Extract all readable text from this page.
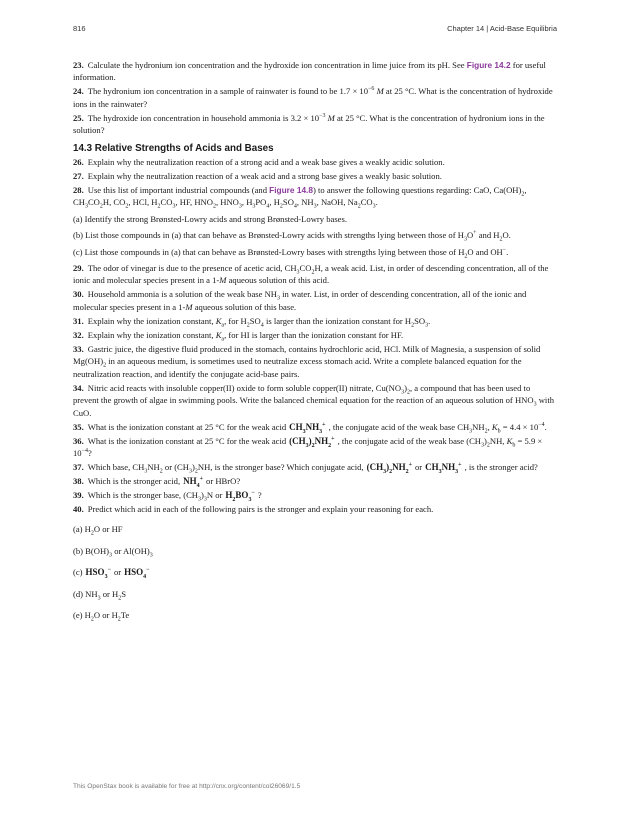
816	Chapter 14 | Acid-Base Equilibria

23. Calculate the hydronium ion concentration and the hydroxide ion concentration in lime juice from its pH. See Figure 14.2 for useful information.

24. The hydronium ion concentration in a sample of rainwater is found to be $1.7 \times 10^{-6}$ M at 25 °C. What is the concentration of hydroxide ions in the rainwater?

25. The hydroxide ion concentration in household ammonia is $3.2 \times 10^{-3}$ M at 25 °C. What is the concentration of hydronium ions in the solution?

14.3 Relative Strengths of Acids and Bases

26. Explain why the neutralization reaction of a strong acid and a weak base gives a weakly acidic solution.

27. Explain why the neutralization reaction of a weak acid and a strong base gives a weakly basic solution.

28. Use this list of important industrial compounds (and Figure 14.8) to answer the following questions regarding: CaO, $Ca(OH)_2$, $CH_3CO_2H$, $CO_2$, HCl, $H_2CO_3$, HF, $HNO_2$, $HNO_3$, $H_3PO_4$, $H_2SO_4$, $NH_3$, NaOH, $Na_2CO_3$.

(a) Identify the strong Brønsted-Lowry acids and strong Brønsted-Lowry bases.

(b) List those compounds in (a) that can behave as Brønsted-Lowry acids with strengths lying between those of $H_3O^+$ and $H_2O$.

(c) List those compounds in (a) that can behave as Brønsted-Lowry bases with strengths lying between those of $H_2O$ and OH−.

29. The odor of vinegar is due to the presence of acetic acid, $CH_3CO_2H$, a weak acid. List, in order of descending concentration, all of the ionic and molecular species present in a 1-M aqueous solution of this acid.

30. Household ammonia is a solution of the weak base $NH_3$ in water. List, in order of descending concentration, all of the ionic and molecular species present in a 1-M aqueous solution of this base.

31. Explain why the ionization constant, $K_a$, for $H_2SO_4$ is larger than the ionization constant for $H_2SO_3$.

32. Explain why the ionization constant, $K_a$, for HI is larger than the ionization constant for HF.

33. Gastric juice, the digestive fluid produced in the stomach, contains hydrochloric acid, HCl. Milk of Magnesia, a suspension of solid $Mg(OH)_2$ in an aqueous medium, is sometimes used to neutralize excess stomach acid. Write a complete balanced equation for the neutralization reaction, and identify the conjugate acid-base pairs.

34. Nitric acid reacts with insoluble copper(II) oxide to form soluble copper(II) nitrate, $Cu(NO_3)_2$, a compound that has been used to prevent the growth of algae in swimming pools. Write the balanced chemical equation for the reaction of an aqueous solution of $HNO_3$ with CuO.

35. What is the ionization constant at 25 °C for the weak acid $CH_3NH_3^+$ , the conjugate acid of the weak base $CH_3NH_2$, $K_b = 4.4 \times 10^{-4}$.

36. What is the ionization constant at 25 °C for the weak acid $(CH_3)_2NH_2^+$ , the conjugate acid of the weak base $(CH_3)_2NH$, $K_b = 5.9 \times 10^{-4}$?

37. Which base, $CH_3NH_2$ or $(CH_3)_2NH$, is the stronger base? Which conjugate acid, $(CH_3)_2NH_2^+$ or $CH_3NH_3^+$ , is the stronger acid?

38. Which is the stronger acid, $NH_4^+$ or HBrO?

39. Which is the stronger base, $(CH_3)_3N$ or $H_2BO_3^-$ ?

40. Predict which acid in each of the following pairs is the stronger and explain your reasoning for each.

(a) $H_2O$ or HF

(b) $B(OH)_3$ or $Al(OH)_3$

(c) $HSO_3^-$ or $HSO_4^-$

(d) $NH_3$ or $H_2S$

(e) $H_2O$ or $H_2Te$

This OpenStax book is available for free at http://cnx.org/content/col26069/1.5
